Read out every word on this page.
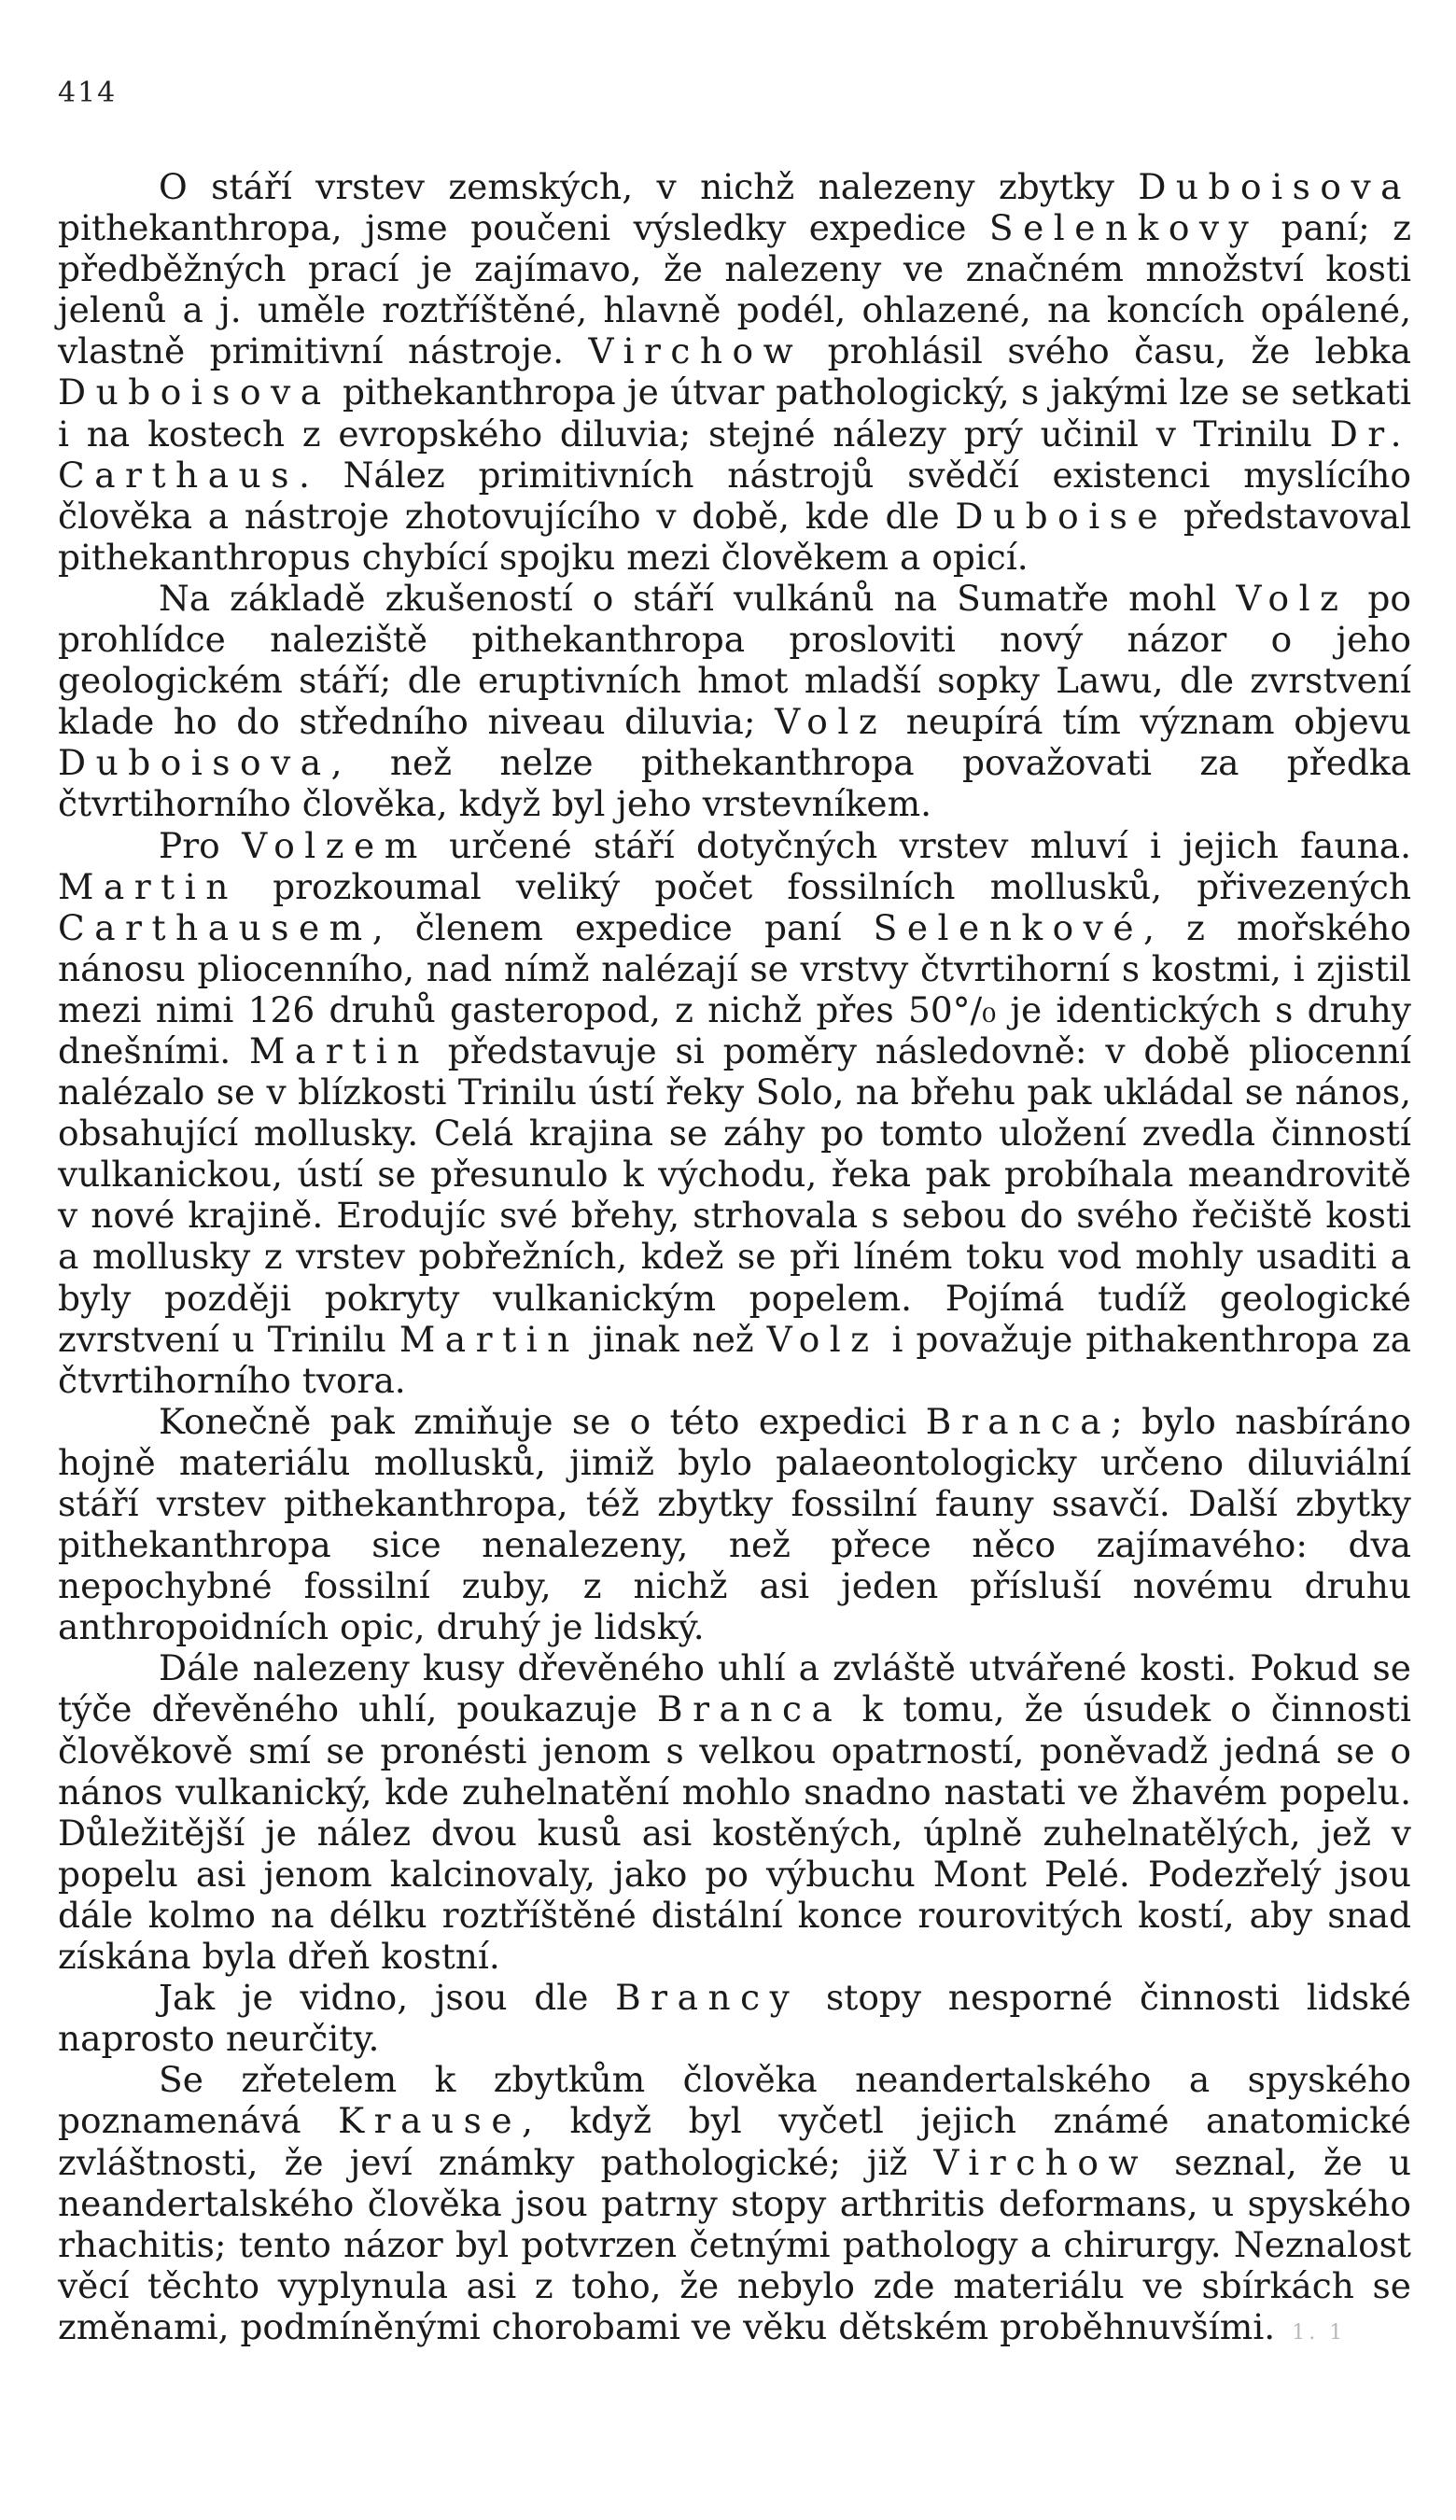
414

O stáří vrstev zemských, v nichž nalezeny zbytky Duboisova pithekanthropa, jsme poučeni výsledky expedice Selenkovy paní; z předběžných prací je zajímavo, že nalezeny ve značném množství kosti jelenů a j. uměle roztříštěné, hlavně podél, ohlazené, na koncích opálené, vlastně primitivní nástroje. Virchow prohlásil svého času, že lebka Duboisova pithekanthropa je útvar pathologický, s jakými lze se setkati i na kostech z evropského diluvia; stejné nálezy prý učinil v Trinilu Dr. Carthaus. Nález primitivních nástrojů svědčí existenci myslícího člověka a nástroje zhotovujícího v době, kde dle Duboise představoval pithekanthropus chybící spojku mezi člověkem a opicí.

Na základě zkušeností o stáří vulkánů na Sumatře mohl Volz po prohlídce naleziště pithekanthropa prosloviti nový názor o jeho geologickém stáří; dle eruptivních hmot mladší sopky Lawu, dle zvrstvení klade ho do středního niveau diluvia; Volz neupírá tím význam objevu Duboisova, než nelze pithekanthropa považovati za předka čtvrtihorního člověka, když byl jeho vrstevníkem.

Pro Volzem určené stáří dotyčných vrstev mluví i jejich fauna. Martin prozkoumal veliký počet fossilních mollusků, přivezených Carthausem, členem expedice paní Selenkové, z mořského nánosu pliocenního, nad nímž nalézají se vrstvy čtvrtihorní s kostmi, i zjistil mezi nimi 126 druhů gasteropod, z nichž přes 50°/₀ je identických s druhy dnešními. Martin představuje si poměry následovně: v době pliocenní nalézalo se v blízkosti Trinilu ústí řeky Solo, na břehu pak ukládal se nános, obsahující mollusky. Celá krajina se záhy po tomto uložení zvedla činností vulkanickou, ústí se přesunulo k východu, řeka pak probíhala meandrovitě v nové krajině. Erodujíc své břehy, strhovala s sebou do svého řečiště kosti a mollusky z vrstev pobřežních, kdež se při líném toku vod mohly usaditi a byly později pokryty vulkanickým popelem. Pojímá tudíž geologické zvrstvení u Trinilu Martin jinak než Volz i považuje pithakenthropa za čtvrtihorního tvora.

Konečně pak zmiňuje se o této expedici Branca; bylo nasbíráno hojně materiálu mollusků, jimiž bylo palaeontologicky určeno diluviální stáří vrstev pithekanthropa, též zbytky fossilní fauny ssavčí. Další zbytky pithekanthropa sice nenalezeny, než přece něco zajímavého: dva nepochybné fossilní zuby, z nichž asi jeden přísluší novému druhu anthropoidních opic, druhý je lidský.

Dále nalezeny kusy dřevěného uhlí a zvláště utvářené kosti. Pokud se týče dřevěného uhlí, poukazuje Branca k tomu, že úsudek o činnosti člověkově smí se pronésti jenom s velkou opatrností, poněvadž jedná se o nános vulkanický, kde zuhelnatění mohlo snadno nastati ve žhavém popelu. Důležitější je nález dvou kusů asi kostěných, úplně zuhelnatělých, jež v popelu asi jenom kalcinovaly, jako po výbuchu Mont Pelé. Podezřelý jsou dále kolmo na délku roztříštěné distální konce rourovitých kostí, aby snad získána byla dřeň kostní.

Jak je vidno, jsou dle Brancy stopy nesporné činnosti lidské naprosto neurčity.

Se zřetelem k zbytkům člověka neandertalského a spyského poznamenává Krause, když byl vyčetl jejich známé anatomické zvláštnosti, že jeví známky pathologické; již Virchow seznal, že u neandertalského člověka jsou patrny stopy arthritis deformans, u spyského rhachitis; tento názor byl potvrzen četnými pathology a chirurgy. Neznalost věcí těchto vyplynula asi z toho, že nebylo zde materiálu ve sbírkách se změnami, podmíněnými chorobami ve věku dětském proběhnuvšími. 1. 1
